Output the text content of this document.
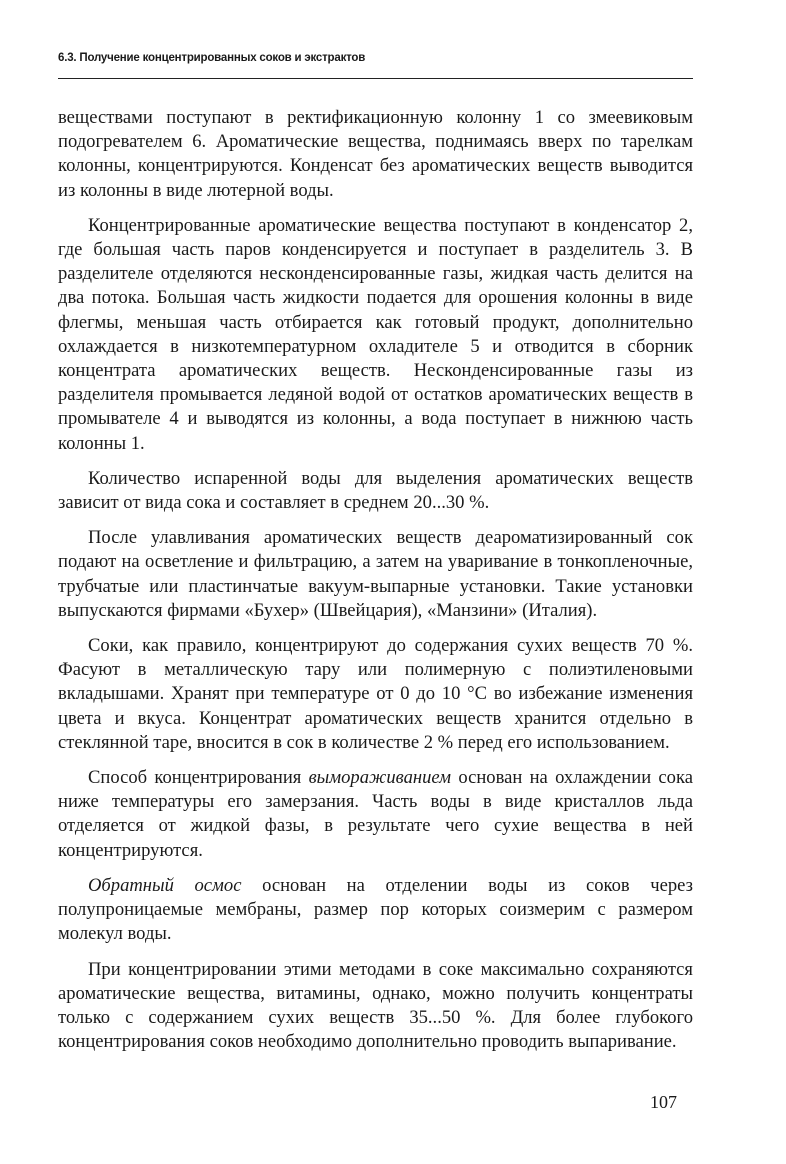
6.3. Получение концентрированных соков и экстрактов

веществами поступают в ректификационную колонну 1 со змеевиковым подогревателем 6. Ароматические вещества, поднимаясь вверх по тарелкам колонны, концентрируются. Конденсат без ароматических веществ выводится из колонны в виде лютерной воды.

Концентрированные ароматические вещества поступают в конденсатор 2, где большая часть паров конденсируется и поступает в разделитель 3. В разделителе отделяются несконденсированные газы, жидкая часть делится на два потока. Большая часть жидкости подается для орошения колонны в виде флегмы, меньшая часть отбирается как готовый продукт, дополнительно охлаждается в низкотемпературном охладителе 5 и отводится в сборник концентрата ароматических веществ. Несконденсированные газы из разделителя промывается ледяной водой от остатков ароматических веществ в промывателе 4 и выводятся из колонны, а вода поступает в нижнюю часть колонны 1.

Количество испаренной воды для выделения ароматических веществ зависит от вида сока и составляет в среднем 20...30 %.

После улавливания ароматических веществ деароматизированный сок подают на осветление и фильтрацию, а затем на уваривание в тонкопленочные, трубчатые или пластинчатые вакуум-выпарные установки. Такие установки выпускаются фирмами «Бухер» (Швейцария), «Манзини» (Италия).

Соки, как правило, концентрируют до содержания сухих веществ 70 %. Фасуют в металлическую тару или полимерную с полиэтиленовыми вкладышами. Хранят при температуре от 0 до 10 °С во избежание изменения цвета и вкуса. Концентрат ароматических веществ хранится отдельно в стеклянной таре, вносится в сок в количестве 2 % перед его использованием.

Способ концентрирования вымораживанием основан на охлаждении сока ниже температуры его замерзания. Часть воды в виде кристаллов льда отделяется от жидкой фазы, в результате чего сухие вещества в ней концентрируются.

Обратный осмос основан на отделении воды из соков через полупроницаемые мембраны, размер пор которых соизмерим с размером молекул воды.

При концентрировании этими методами в соке максимально сохраняются ароматические вещества, витамины, однако, можно получить концентраты только с содержанием сухих веществ 35...50 %. Для более глубокого концентрирования соков необходимо дополнительно проводить выпаривание.

107
